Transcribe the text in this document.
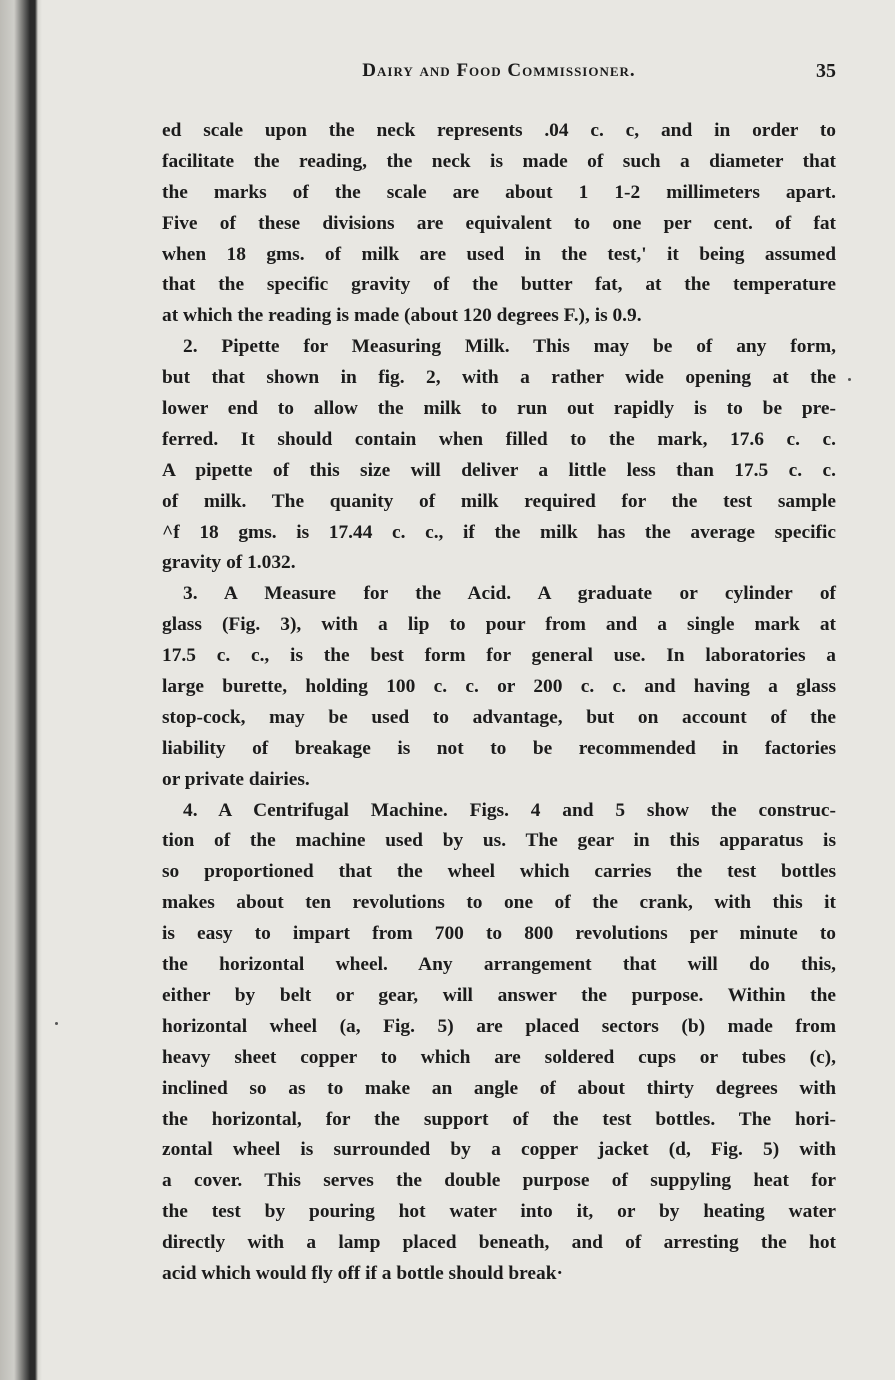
Dairy and Food Commissioner.	35
ed scale upon the neck represents .04 c. c, and in order to
facilitate the reading, the neck is made of such a diameter that
the marks of the scale are about 1 1-2 millimeters apart.
Five of these divisions are equivalent to one per cent. of fat
when 18 gms. of milk are used in the test,' it being assumed
that the specific gravity of the butter fat, at the temperature
at which the reading is made (about 120 degrees F.), is 0.9.
2. Pipette for Measuring Milk. This may be of any form,
but that shown in fig. 2, with a rather wide opening at the
lower end to allow the milk to run out rapidly is to be pre-
ferred. It should contain when filled to the mark, 17.6 c. c.
A pipette of this size will deliver a little less than 17.5 c. c.
of milk. The quanity of milk required for the test sample
^f 18 gms. is 17.44 c. c., if the milk has the average specific
gravity of 1.032.
3. A Measure for the Acid. A graduate or cylinder of
glass (Fig. 3), with a lip to pour from and a single mark at
17.5 c. c., is the best form for general use. In laboratories a
large burette, holding 100 c. c. or 200 c. c. and having a glass
stop-cock, may be used to advantage, but on account of the
liability of breakage is not to be recommended in factories
or private dairies.
4. A Centrifugal Machine. Figs. 4 and 5 show the construc-
tion of the machine used by us. The gear in this apparatus is
so proportioned that the wheel which carries the test bottles
makes about ten revolutions to one of the crank, with this it
is easy to impart from 700 to 800 revolutions per minute to
the horizontal wheel. Any arrangement that will do this,
either by belt or gear, will answer the purpose. Within the
horizontal wheel (a, Fig. 5) are placed sectors (b) made from
heavy sheet copper to which are soldered cups or tubes (c),
inclined so as to make an angle of about thirty degrees with
the horizontal, for the support of the test bottles. The hori-
zontal wheel is surrounded by a copper jacket (d, Fig. 5) with
a cover. This serves the double purpose of suppyling heat for
the test by pouring hot water into it, or by heating water
directly with a lamp placed beneath, and of arresting the hot
acid which would fly off if a bottle should break·
